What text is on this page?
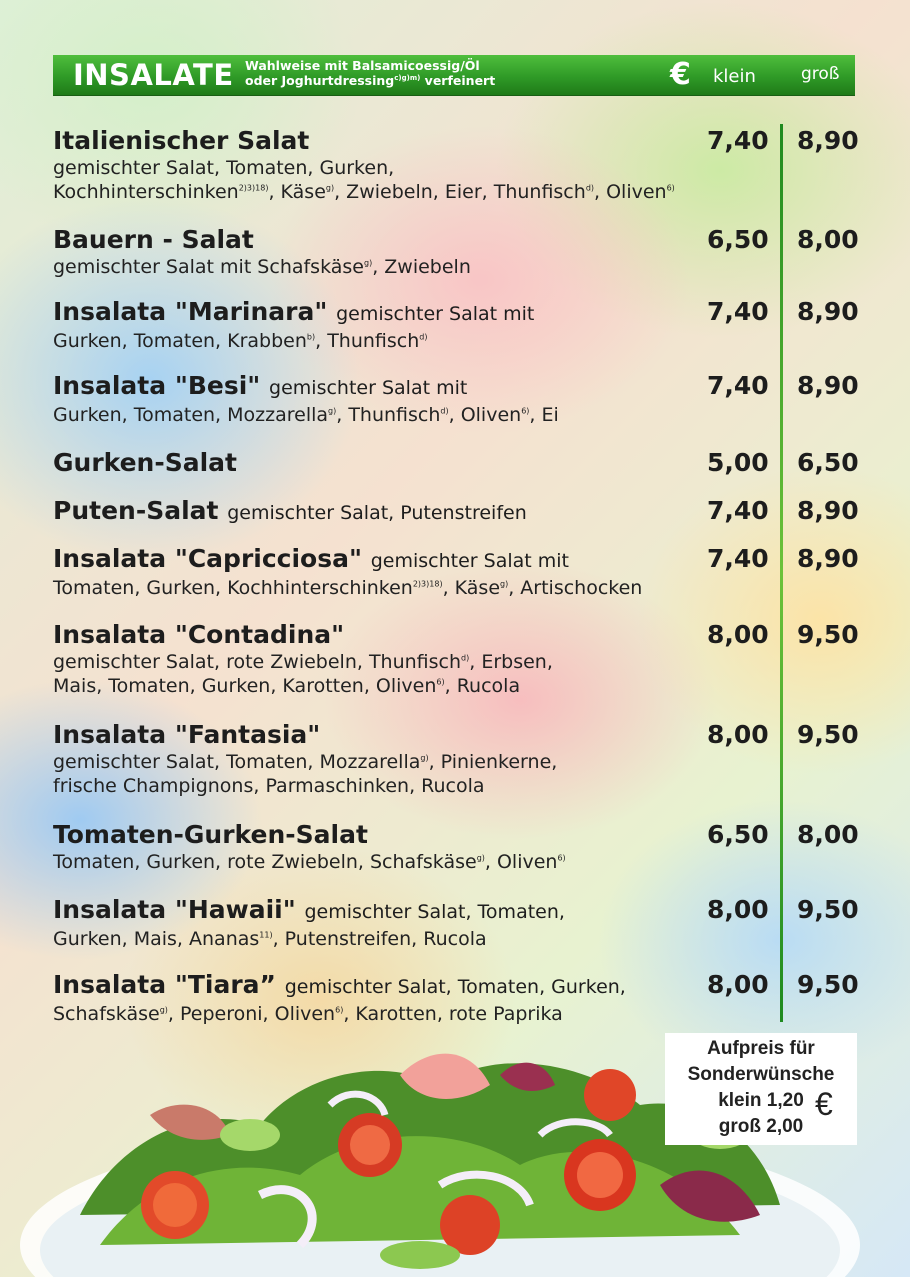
INSALATE Wahlweise mit Balsamicoessig/Öl
oder Joghurtdressing$^{c)g)m)}$ verfeinert	€ klein	groß
Italienischer Salat
gemischter Salat, Tomaten, Gurken,
Kochhinterschinken$^{2)3)18)}$, Käse$^{g)}$, Zwiebeln, Eier, Thunfisch$^{d)}$, Oliven$^{6)}$
7,40 8,90
Bauern - Salat
gemischter Salat mit Schafskäse$^{g)}$, Zwiebeln
6,50 8,00
Insalata "Marinara" gemischter Salat mit
Gurken, Tomaten, Krabben$^{b)}$, Thunfisch$^{d)}$
7,40 8,90
Insalata "Besi" gemischter Salat mit
Gurken, Tomaten, Mozzarella$^{g)}$, Thunfisch$^{d)}$, Oliven$^{6)}$, Ei
7,40 8,90
Gurken-Salat	5,00 6,50
Puten-Salat gemischter Salat, Putenstreifen	7,40 8,90
Insalata "Capricciosa" gemischter Salat mit
Tomaten, Gurken, Kochhinterschinken$^{2)3)18)}$, Käse$^{g)}$, Artischocken
7,40 8,90
Insalata "Contadina"
gemischter Salat, rote Zwiebeln, Thunfisch$^{d)}$, Erbsen,
Mais, Tomaten, Gurken, Karotten, Oliven$^{6)}$, Rucola
8,00 9,50
Insalata "Fantasia"
gemischter Salat, Tomaten, Mozzarella$^{g)}$, Pinienkerne,
frische Champignons, Parmaschinken, Rucola
8,00 9,50
Tomaten-Gurken-Salat
Tomaten, Gurken, rote Zwiebeln, Schafskäse$^{g)}$, Oliven$^{6)}$
6,50 8,00
Insalata "Hawaii" gemischter Salat, Tomaten,
Gurken, Mais, Ananas$^{11)}$, Putenstreifen, Rucola
8,00 9,50
Insalata "Tiara” gemischter Salat, Tomaten, Gurken,
Schafskäse$^{g)}$, Peperoni, Oliven$^{6)}$, Karotten, rote Paprika
8,00 9,50
Aufpreis für
Sonderwünsche
klein 1,20
groß 2,00
€
